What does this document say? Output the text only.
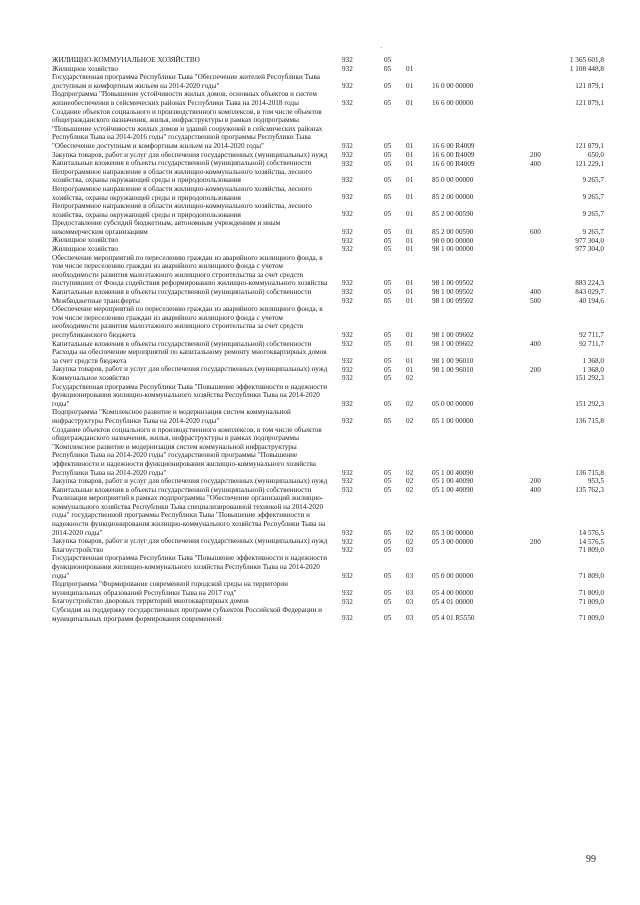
·
ЖИЛИЩНО-КОММУНАЛЬНОЕ ХОЗЯЙСТВО	932	05	1 365 601,8
Жилищное хозяйство	932	05 01	1 108 448,8
Государственная программа Республики Тыва "Обеспечение жителей Республики Тыва доступным и комфортным жильем на 2014-2020 годы"	932	05 01	16 0 00 00000	121 879,1
Подпрограмма "Повышение устойчивости жилых домов, основных объектов и систем жизнеобеспечения в сейсмических районах Республики Тыва на 2014-2018 годы	932	05 01	16 6 00 00000	121 879,1
Создание объектов социального и производственного комплексов, в том числе объектов общегражданского назначения, жилья, инфраструктуры в рамках подпрограммы "Повышение устойчивости жилых домов и зданий сооружений в сейсмических районах Республики Тыва на 2014-2016 годы" государственной программы Республики Тыва "Обеспечение доступным и комфортным жильем на 2014-2020 годы"	932	05 01	16 6 00 R4009	121 879,1
Закупка товаров, работ и услуг для обеспечения государственных (муниципальных) нужд	932	05 01	16 6 00 R4009	200	650,0
Капитальные вложения в объекты государственной (муниципальной) собственности	932	05 01	16 6 00 R4009	400	121 229,1
Непрограммное направление в области жилищно-коммунального хозяйства, лесного хозяйства, охраны окружающей среды и природопользования	932	05 01	85 0 00 00000	9 265,7
Непрограммное направление в области жилищно-коммунального хозяйства, лесного хозяйства, охраны окружающей среды и природопользования	932	05 01	85 2 00 00000	9 265,7
Непрограммное направление в области жилищно-коммунального хозяйства, лесного хозяйства, охраны окружающей среды и природопользования	932	05 01	85 2 00 00590	9 265,7
Предоставление субсидий бюджетным, автономным учреждениям и иным некоммерческим организациям	932	05 01	85 2 00 00590	600	9 265,7
Жилищное хозяйство	932	05 01	98 0 00 00000	977 304,0
Жилищное хозяйство	932	05 01	98 1 00 00000	977 304,0
Обеспечение мероприятий по переселению граждан из аварийного жилищного фонда, в том числе переселению граждан из аварийного жилищного фонда с учетом необходимости развития малоэтажного жилищного строительства за счет средств поступивших от Фонда содействия реформированию жилищно-коммунального хозяйства	932	05 01	98 1 00 09502	883 224,3
Капитальные вложения в объекты государственной (муниципальной) собственности	932	05 01	98 1 00 09502	400	843 029,7
Межбюджетные трансферты	932	05 01	98 1 00 09502	500	40 194,6
Обеспечение мероприятий по переселению граждан из аварийного жилищного фонда, в том числе переселению граждан из аварийного жилищного фонда с учетом необходимости развития малоэтажного жилищного строительства за счет средств республиканского бюджета	932	05 01	98 1 00 09602	92 711,7
Капитальные вложения в объекты государственной (муниципальной) собственности	932	05 01	98 1 00 09602	400	92 711,7
Расходы на обеспечение мероприятий по капитальному ремонту многоквартирных домов за счет средств бюджета	932	05 01	98 1 00 96010	1 368,0
Закупка товаров, работ и услуг для обеспечения государственных (муниципальных) нужд	932	05 01	98 1 00 96010	200	1 368,0
Коммунальное хозяйство	932	05 02	151 292,3
Государственная программа Республики Тыва "Повышение эффективности и надежности функционирования жилищно-коммунального хозяйства Республики Тыва на 2014-2020 годы"	932	05 02	05 0 00 00000	151 292,3
Подпрограмма "Комплексное развитие и модернизация систем коммунальной инфраструктуры Республики Тыва на 2014-2020 годы"	932	05 02	05 1 00 00000	136 715,8
Создание объектов социального и производственного комплексов, в том числе объектов общегражданского назначения, жилья, инфраструктуры в рамках подпрограммы "Комплексное развитие и модернизация систем коммунальной инфраструктуры Республики Тыва на 2014-2020 годы" государственной программы "Повышение эффективности и надежности функционирования жилищно-коммунального хозяйства Республики Тыва на 2014-2020 годы"	932	05 02	05 1 00 40090	136 715,8
Закупка товаров, работ и услуг для обеспечения государственных (муниципальных) нужд	932	05 02	05 1 00 40090	200	953,5
Капитальные вложения в объекты государственной (муниципальной) собственности	932	05 02	05 1 00 40090	400	135 762,3
Реализация мероприятий в рамках подпрограммы "Обеспечение организаций жилищно-коммунального хозяйства Республики Тыва специализированной техникой на 2014-2020 годы" государственной программы Республики Тыва "Повышение эффективности и надежности функционирования жилищно-коммунального хозяйства Республики Тыва на 2014-2020 годы"	932	05 02	05 3 00 00000	14 576,5
Закупка товаров, работ и услуг для обеспечения государственных (муниципальных) нужд	932	05 02	05 3 00 00000	200	14 576,5
Благоустройство	932	05 03	71 809,0
Государственная программа Республики Тыва "Повышение эффективности и надежности функционирования жилищно-коммунального хозяйства Республики Тыва на 2014-2020 годы"	932	05 03	05 0 00 00000	71 809,0
Подпрограмма "Формирование современной городской среды на территории муниципальных образований Республики Тыва на 2017 год"	932	05 03	05 4 00 00000	71 809,0
Благоустройство дворовых территорий многоквартирных домов	932	05 03	05 4 01 00000	71 809,0
Субсидия на поддержку государственных программ субъектов Российской Федерации и муниципальных программ формирования современной	932	05 03	05 4 01 R5550	71 809,0
99
